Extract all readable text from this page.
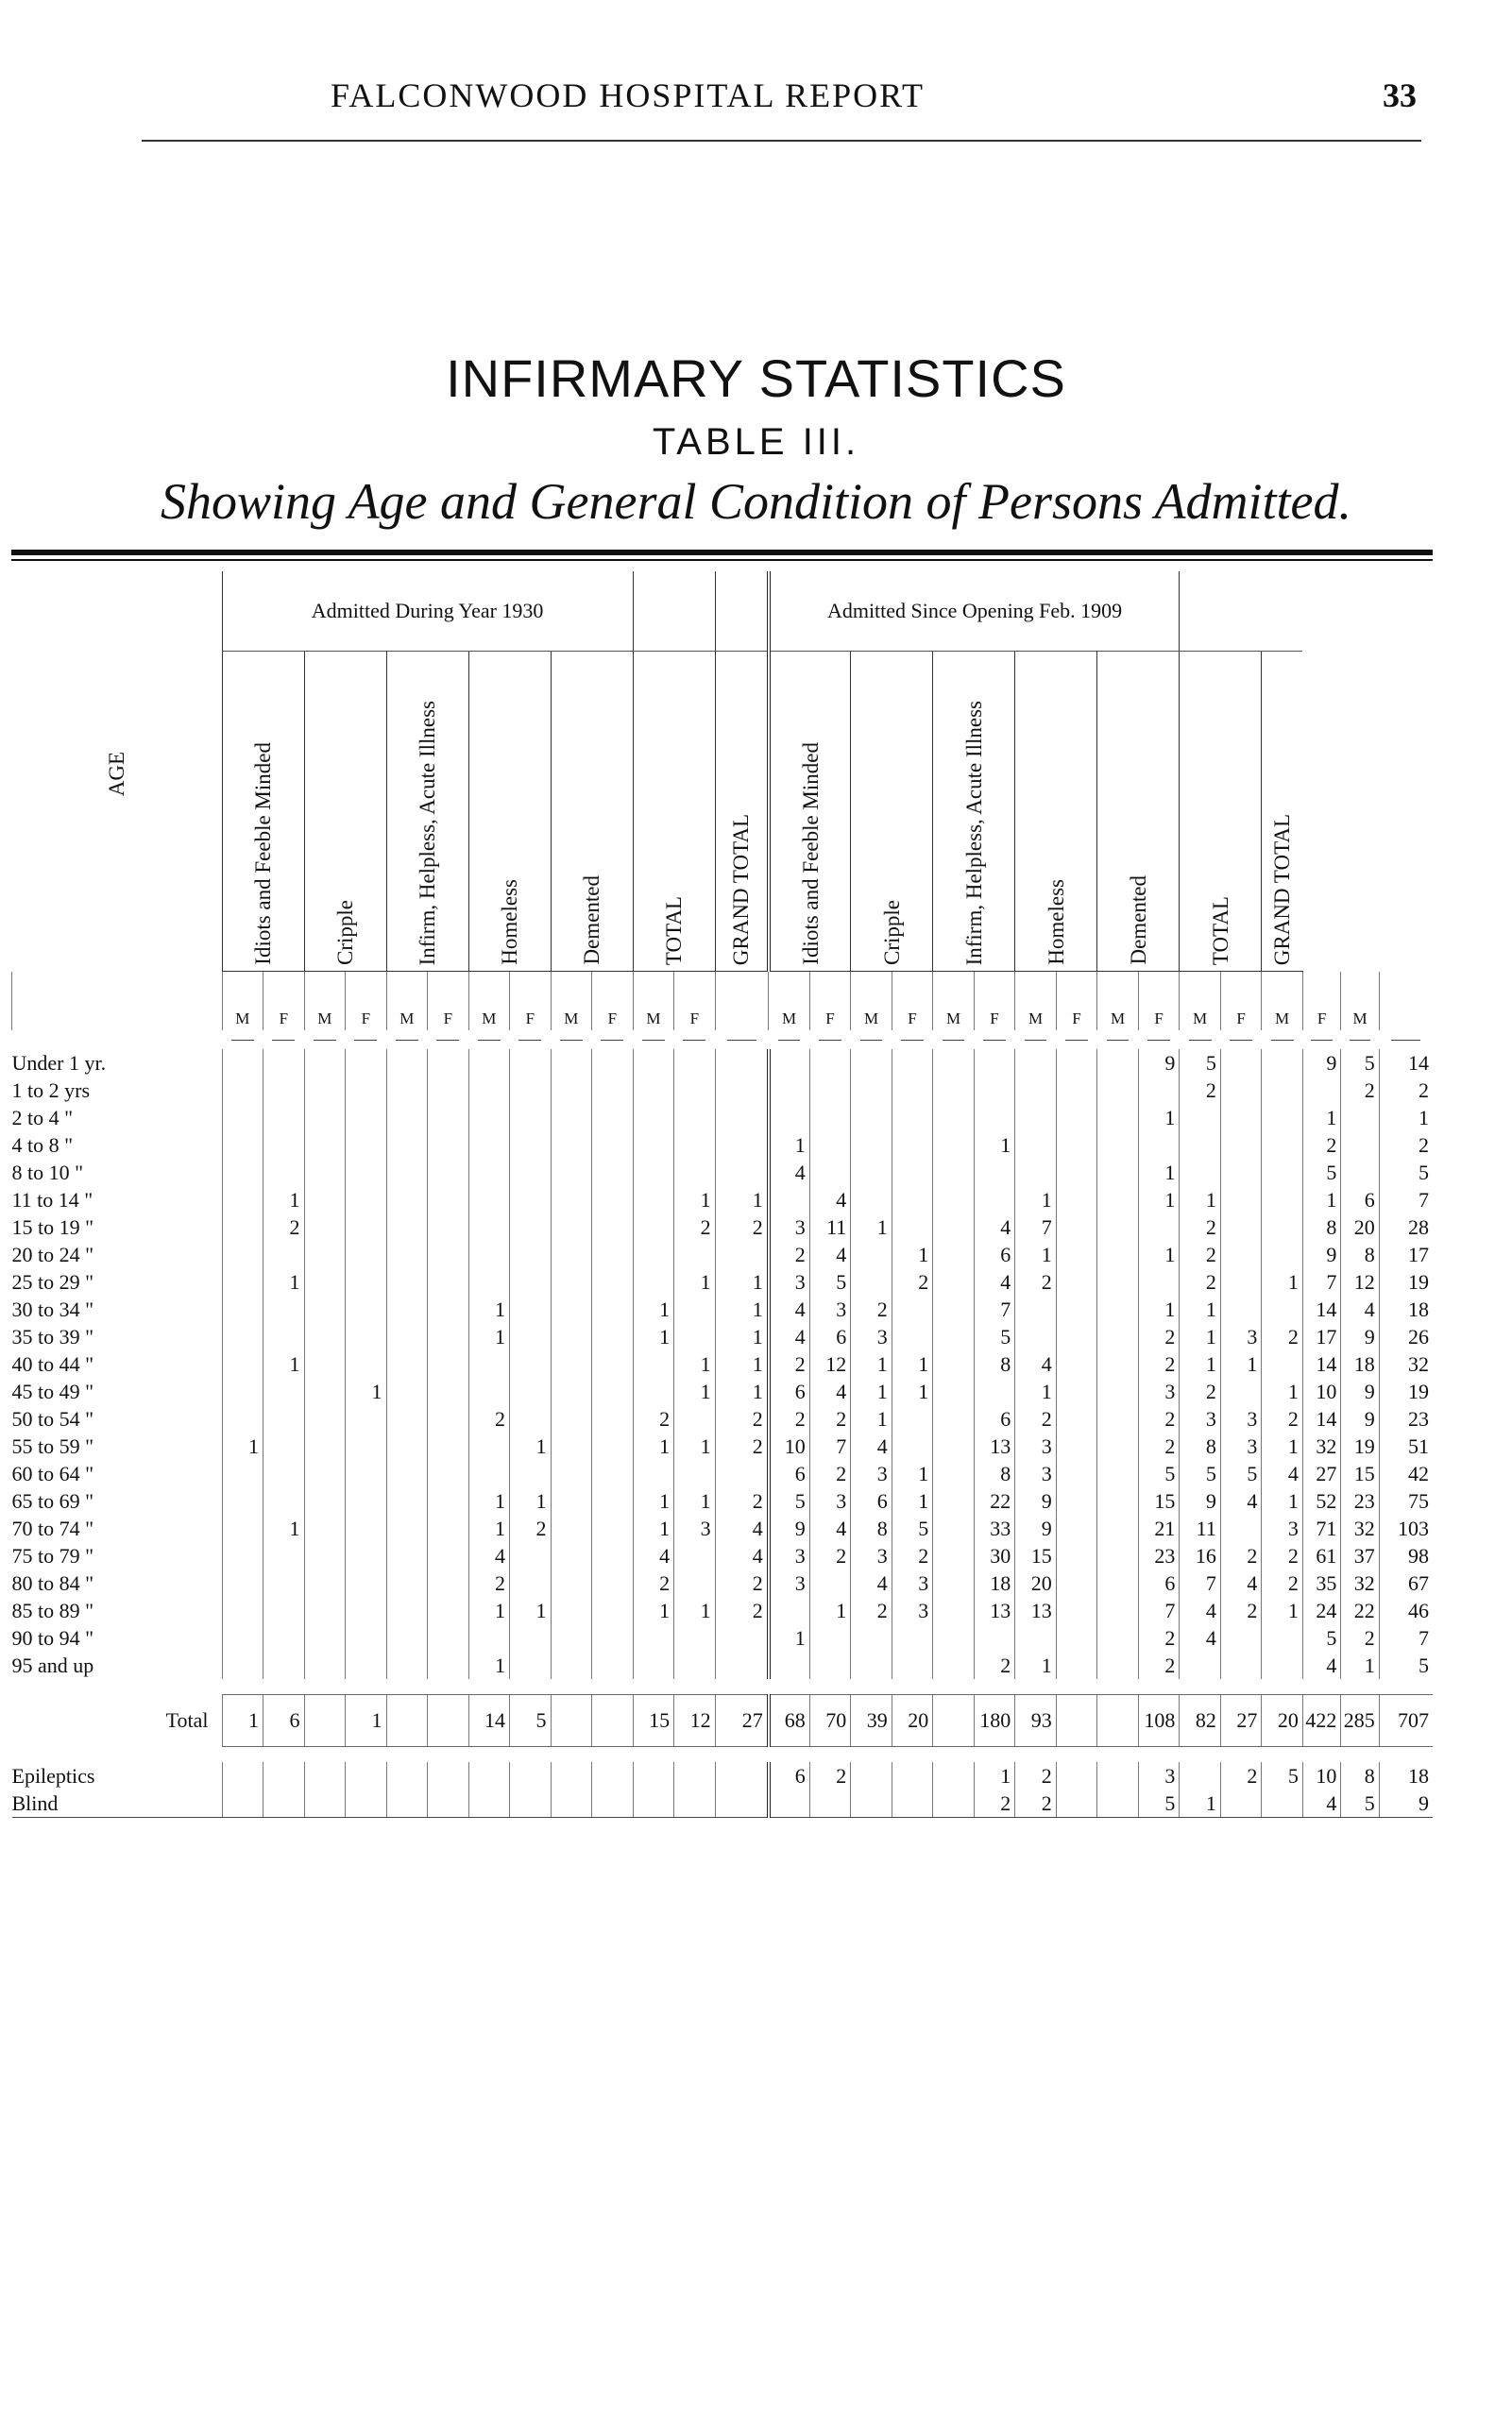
FALCONWOOD HOSPITAL REPORT	33
INFIRMARY STATISTICS
TABLE III.
Showing Age and General Condition of Persons Admitted.
AGE	Admitted During Year 1930													Admitted Since Opening Feb. 1909															
	Idiots and Feeble Minded		Cripple		Infirm, Helpless, Acute Illness		Homeless		Demented		TOTAL		GRAND TOTAL	Idiots and Feeble Minded		Cripple		Infirm, Helpless, Acute Illness		Homeless		Demented		TOTAL		GRAND TOTAL			
	M	F	M	F	M	F	M	F	M	F	M	F		M	F	M	F	M	F	M	F	M	F	M	F	M	F	M	

Under 1 yr.																							9	5			9	5	14
1 to 2 yrs																								2				2	2
2 to 4 "																							1				1		1
4 to 8 "														1					1								2		2
8 to 10 "														4									1				5		5
11 to 14 "		1										1	1		4					1			1	1			1	6	7
15 to 19 "		2										2	2	3	11	1			4	7				2			8	20	28
20 to 24 "														2	4		1		6	1			1	2			9	8	17
25 to 29 "		1										1	1	3	5		2		4	2				2		1	7	12	19
30 to 34 "							1				1		1	4	3	2			7				1	1			14	4	18
35 to 39 "							1				1		1	4	6	3			5				2	1	3	2	17	9	26
40 to 44 "		1										1	1	2	12	1	1		8	4			2	1	1		14	18	32
45 to 49 "				1								1	1	6	4	1	1			1			3	2		1	10	9	19
50 to 54 "							2				2		2	2	2	1			6	2			2	3	3	2	14	9	23
55 to 59 "	1							1			1	1	2	10	7	4			13	3			2	8	3	1	32	19	51
60 to 64 "														6	2	3	1		8	3			5	5	5	4	27	15	42
65 to 69 "							1	1			1	1	2	5	3	6	1		22	9			15	9	4	1	52	23	75
70 to 74 "		1					1	2			1	3	4	9	4	8	5		33	9			21	11		3	71	32	103
75 to 79 "							4				4		4	3	2	3	2		30	15			23	16	2	2	61	37	98
80 to 84 "							2				2		2	3		4	3		18	20			6	7	4	2	35	32	67
85 to 89 "							1	1			1	1	2		1	2	3		13	13			7	4	2	1	24	22	46
90 to 94 "														1									2	4			5	2	7
95 and up							1												2	1			2				4	1	5

Total	1	6		1			14	5			15	12	27	68	70	39	20		180	93			108	82	27	20	422	285	707

Epileptics														6	2				1	2			3		2	5	10	8	18
Blind																			2	2			5	1			4	5	9
